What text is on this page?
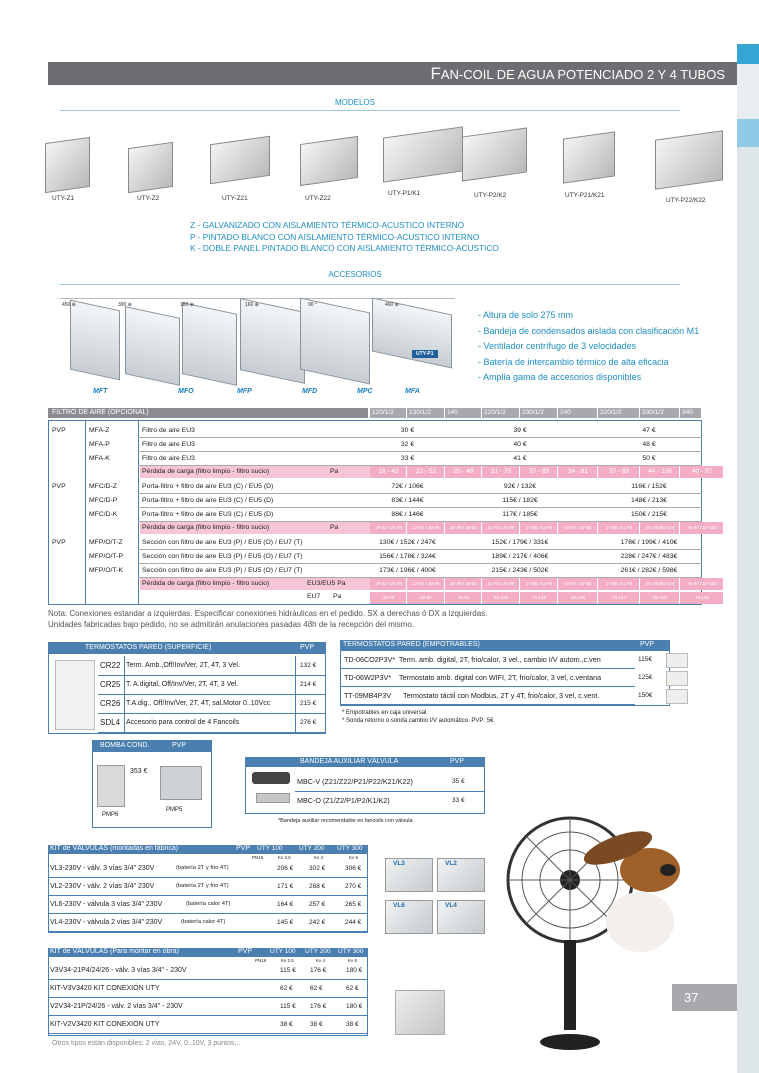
FAN-COIL DE AGUA POTENCIADO 2 Y 4 TUBOS
MODELOS
UTY-Z1	UTY-Z2	UTY-Z21	UTY-Z22
UTY-P1/K1	UTY-P2/K2	UTY-P21/K21
UTY-P22/K22
Z - GALVANIZADO CON AISLAMIENTO TÉRMICO-ACUSTICO INTERNO
P - PINTADO BLANCO CON AISLAMIENTO TÉRMICO-ACUSTICO INTERNO
K - DOBLE PANEL PINTADO BLANCO CON AISLAMIENTO TÉRMICO-ACUSTICO
ACCESORIOS
450 ⊕	390 ⊕	160 ⊕	160 ⊕	90 °	460 ⊕
MFT	MFO	MFP	MFD	MPC	MFA
UTY-P1
- Altura de solo 275 mm
- Bandeja de condensados aislada con clasificación M1
- Ventilador centrífugo de 3 velocidades
- Batería de intercambio térmico de alta eficacia
- Amplia gama de accesorios disponibles
FILTRO DE AIRE (OPCIONAL)	120/1/2 130/1/2	140	220/1/2	230/1/2	240	320/1/2	330/1/2	340
PVP	MFA-Z	Filtro de aire EU3	30 €	39 €	47 €
MFA-P	Filtro de aire EU3	32 €	40 €	48 €
MFA-K	Filtro de aire EU3	33 €	41 €	50 €
Pérdida de carga (filtro limpio - filtro sucio)	Pa	18 - 42	22 - 52	20 - 49	31 - 75	37 - 89	34 - 81	37 - 88	44 - 106	40 - 97
PVP	MFC/D-Z	Porta-filtro + filtro de aire EU3 (C) / EU5 (D)	72€ / 106€	92€ / 132€	116€ / 152€
MFC/D-P	Porta-filtro + filtro de aire EU3 (C) / EU5 (D)	83€ / 144€	115€ / 182€	148€ / 213€
MFC/D-K	Porta-filtro + filtro de aire EU3 (C) / EU5 (D)	88€ / 146€	117€ / 185€	150€ / 215€
Pérdida de carga (filtro limpio - filtro sucio)	Pa	18-42 / 25-45	22-52 / 30-55	20-49 / 28-52	31-75 / 44-80	37-89 / 52-95	34-81 / 47-86	37-88 / 51-94	44-106/62-114	40-97 / 57-103
PVP	MFP/O/T-Z	Sección con filtro de aire EU3 (P) / EU5 (O) / EU7 (T)	130€ / 152€ / 247€	152€ / 179€ / 331€	178€ / 199€ / 410€
MFP/O/T-P	Sección con filtro de aire EU3 (P) / EU5 (O) / EU7 (T)	156€ / 178€ / 324€	189€ / 217€ / 406€	228€ / 247€ / 483€
MFP/O/T-K	Sección con filtro de aire EU3 (P) / EU5 (O) / EU7 (T)	173€ / 196€ / 400€	215€ / 243€ / 502€	261€ / 282€ / 598€
Pérdida de carga (filtro limpio - filtro sucio)	EU3/EU5 Pa	18-42 / 25-45	22-52 / 30-55	20-49 / 28-52	31-75 / 44-80	37-89 / 52-95	34-81 / 47-86	37-88 / 51-94	44-106/62-114	40-97 / 57-103
EU7 Pa	34-70	42-87	39-81	60-125	72-149	65-135	70-147	85-155	76-155
Nota: Conexiones estandar a izquierdas. Especificar conexiones hidráulicas en el pedido. SX a derechas ó DX a izquierdas.
Unidades fabricadas bajo pedido, no se admitirán anulaciones pasadas 48h de la recepción del mismo.
TERMOSTATOS PARED (SUPERFICIE)	PVP
CR22 Term. Amb.,Off/Inv/Ver, 2T, 4T, 3 Vel.	132 €
CR25 T. A.digital, Off/Inv/Ver, 2T, 4T, 3 Vel.	214 €
CR26 T.A.dig., Off/Inv/Ver, 2T, 4T, sal.Motor 0..10Vcc	215 €
SDL4 Accesorio para control de 4 Fancoils	276 €
TERMOSTATOS PARED (EMPOTRABLES)	PVP
TD-06CO2P3V* Term. amb. digital, 2T, frio/calor, 3 vel., cambio I/V autom.,c.ven	115€
TD-06W2P3V* Termostato amb. digital con WIFI, 2T, frio/calor, 3 vel, c.ventana	125€
TT-09MB4P3V Termostato táctil con Modbus, 2T y 4T, frio/calor, 3 vel, c.vent.	150€
* Empotrables en caja universal
* Sonda retorno o sonda cambio I/V automático. PVP: 5€
BOMBA COND.	PVP
353 €
PMP6
PMP5
BANDEJA AUXILIAR VÁLVULA	PVP
MBC-V (Z21/Z22/P21/P22/K21/K22)	35 €
MBC-O (Z1/Z2/P1/P2/K1/K2)	33 €
*Bandeja auxiliar recomendable en fancoils con válvula
KIT de VÁLVULAS (montadas en fábrica)	PVP UTY 100	UTY 200 UTY 300
PN16	Kv 2,5	Kv 4	Kv 6
VL3-230V - válv. 3 vías 3/4" 230V	(batería 2T y frio 4T)	206 € 302 €	306 €
VL2-230V - válv. 2 vías 3/4" 230V	(batería 2T y frio 4T)	171 € 268 €	270 €
VL6-230V - válvula 3 vías 3/4" 230V	(batería calor 4T)	164 € 257 €	265 €
VL4-230V - válvula 2 vías 3/4" 230V	(batería calor 4T)	145 € 242 €	244 €
VL3	VL2
VL6	VL4
KIT de VÁLVULAS (Para montar en obra)	PVP	UTY 100 UTY 200 UTY 300
PN16	Kv 2,5	Kv 4	Kv 6
V3V34-21P4/24/26 - válv. 3 vías 3/4" - 230V	115 € 176 €	180 €
KIT-V3V3420 KIT CONEXIÓN UTY	62 €	62 €	62 €
V2V34-21P/24/26 - válv. 2 vías 3/4" - 230V	115 € 176 €	180 €
KIT-V2V3420 KIT CONEXIÓN UTY	38 €	38 €	38 €
Otros tipos están disponibles: 2 vías, 24V, 0..10V, 3 puntos,..
37
